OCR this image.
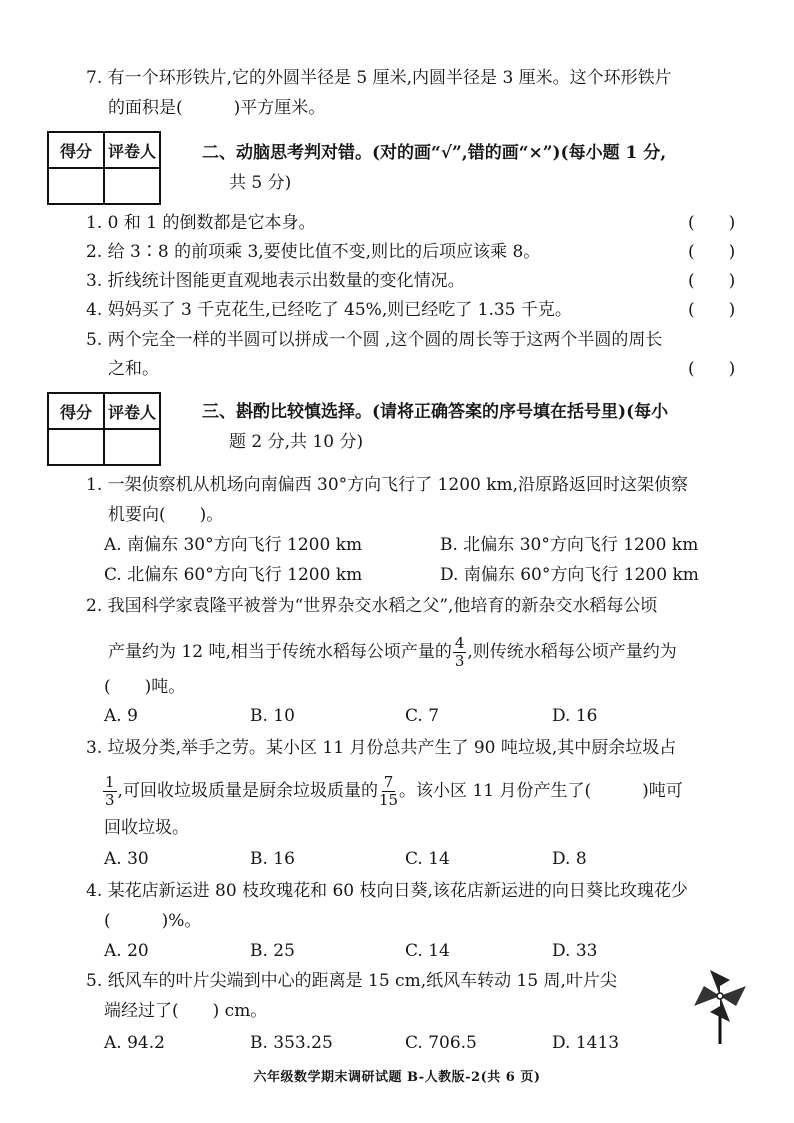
7. 有一个环形铁片,它的外圆半径是 5 厘米,内圆半径是 3 厘米。这个环形铁片
的面积是(　　　)平方厘米。
得分	评卷人
		二、动脑思考判对错。(对的画“√”,错的画“×”)(每小题 1 分,
共 5 分)
1. 0 和 1 的倒数都是它本身。	(　　)
2. 给 3∶8 的前项乘 3,要使比值不变,则比的后项应该乘 8。	(　　)
3. 折线统计图能更直观地表示出数量的变化情况。	(　　)
4. 妈妈买了 3 千克花生,已经吃了 45%,则已经吃了 1.35 千克。	(　　)
5. 两个完全一样的半圆可以拼成一个圆 ,这个圆的周长等于这两个半圆的周长
之和。	(　　)
得分	评卷人
		三、斟酌比较慎选择。(请将正确答案的序号填在括号里)(每小
题 2 分,共 10 分)
1. 一架侦察机从机场向南偏西 30°方向飞行了 1200 km,沿原路返回时这架侦察
机要向(　　)。
A. 南偏东 30°方向飞行 1200 km	B. 北偏东 30°方向飞行 1200 km
C. 北偏东 60°方向飞行 1200 km	D. 南偏东 60°方向飞行 1200 km
2. 我国科学家袁隆平被誉为“世界杂交水稻之父”,他培育的新杂交水稻每公顷
产量约为 12 吨,相当于传统水稻每公顷产量的 $\frac{4}{3}$ ,则传统水稻每公顷产量约为
(　　)吨。
A. 9	B. 10	C. 7	D. 16
3. 垃圾分类,举手之劳。某小区 11 月份总共产生了 90 吨垃圾,其中厨余垃圾占
$\frac{1}{3}$ ,可回收垃圾质量是厨余垃圾质量的 $\frac{7}{15}$ 。该小区 11 月份产生了(　　　)吨可
回收垃圾。
A. 30	B. 16	C. 14	D. 8
4. 某花店新运进 80 枝玫瑰花和 60 枝向日葵,该花店新运进的向日葵比玫瑰花少
(　　　)%。
A. 20	B. 25	C. 14	D. 33
5. 纸风车的叶片尖端到中心的距离是 15 cm,纸风车转动 15 周,叶片尖
端经过了(　　) cm。
A. 94.2	B. 353.25	C. 706.5	D. 1413
六年级数学期末调研试题 B-人教版-2(共 6 页)
